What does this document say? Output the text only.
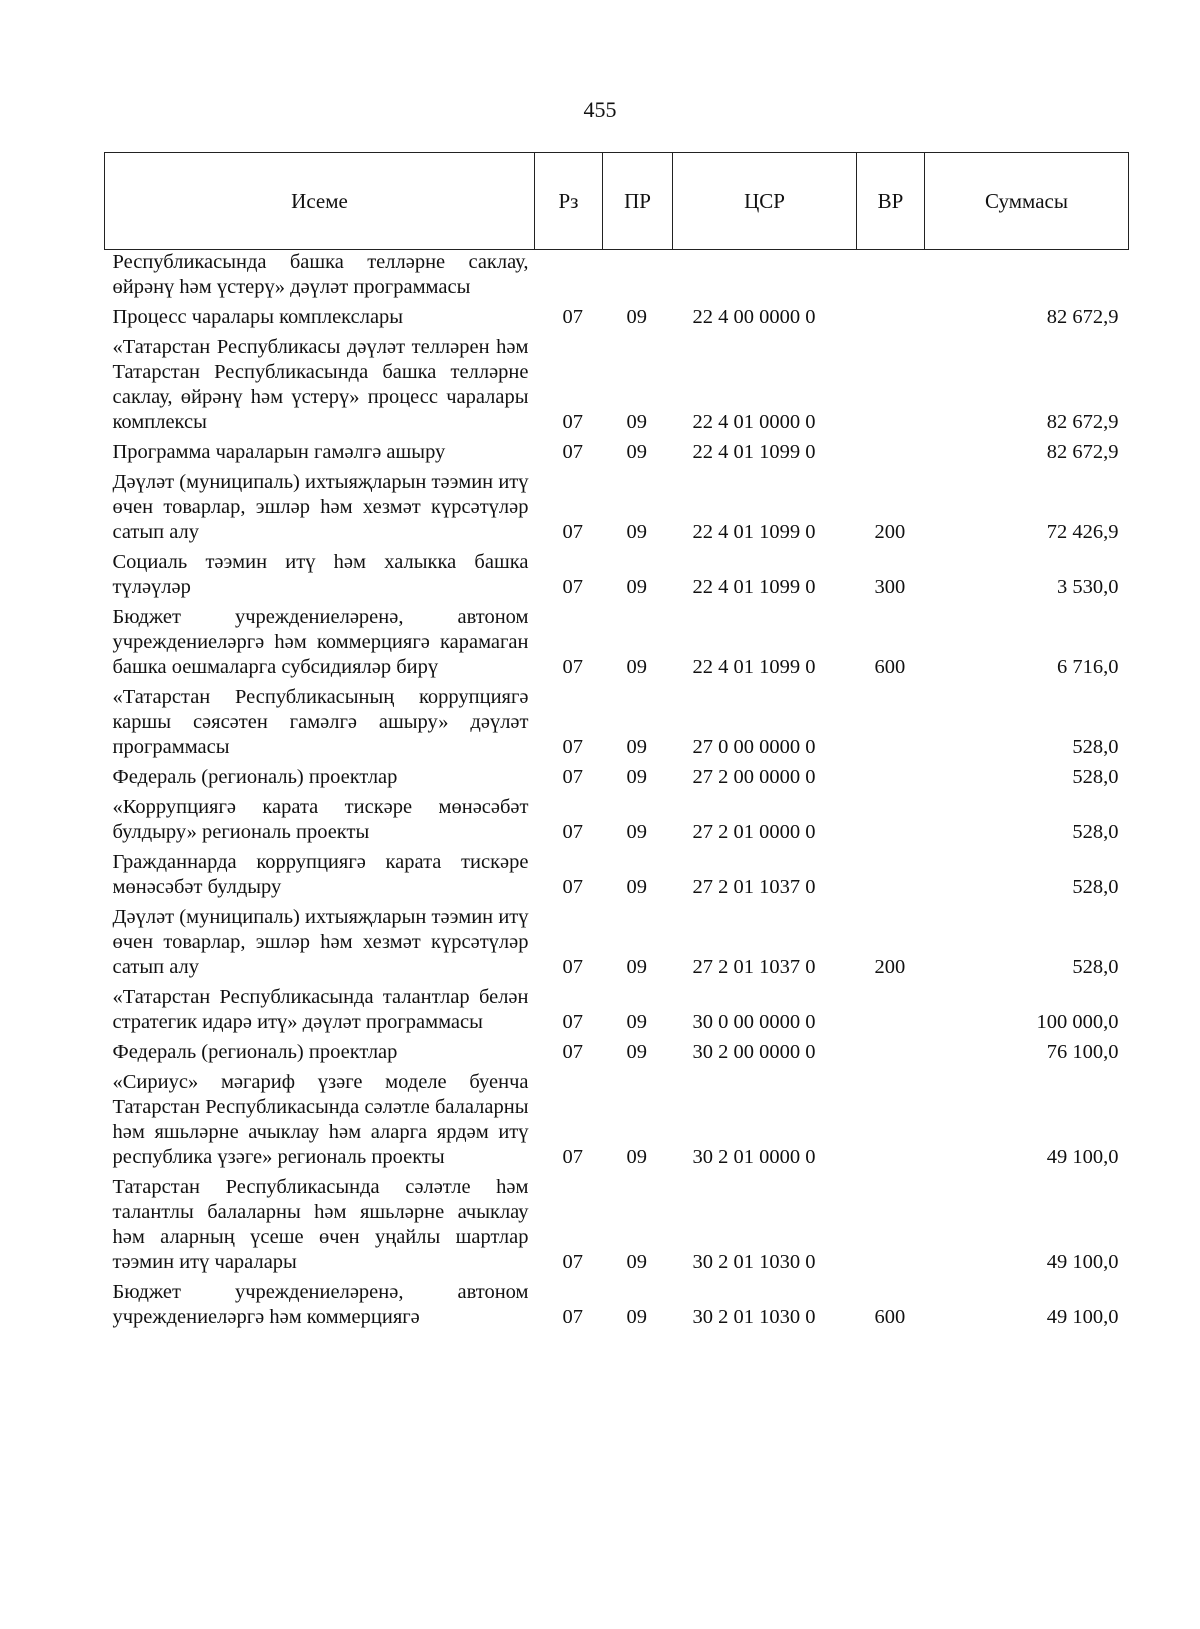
455
Исеме	Рз	ПР	ЦСР	ВР	Суммасы
Республикасында башка телләрне саклау, өйрәнү һәм үстерү» дәүләт программасы					
Процесс чаралары комплекслары	07	09	22 4 00 0000 0		82 672,9
«Татарстан Республикасы дәүләт телләрен һәм Татарстан Республикасында башка телләрне саклау, өйрәнү һәм үстерү» процесс чаралары комплексы	07	09	22 4 01 0000 0		82 672,9
Программа чараларын гамәлгә ашыру	07	09	22 4 01 1099 0		82 672,9
Дәүләт (муниципаль) ихтыяҗларын тәэмин итү өчен товарлар, эшләр һәм хезмәт күрсәтүләр сатып алу	07	09	22 4 01 1099 0	200	72 426,9
Социаль тәэмин итү һәм халыкка башка түләүләр	07	09	22 4 01 1099 0	300	3 530,0
Бюджет учреждениеләренә, автоном учреждениеләргә һәм коммерциягә карамаган башка оешмаларга субсидияләр бирү	07	09	22 4 01 1099 0	600	6 716,0
«Татарстан Республикасының коррупциягә каршы сәясәтен гамәлгә ашыру» дәүләт программасы	07	09	27 0 00 0000 0		528,0
Федераль (региональ) проектлар	07	09	27 2 00 0000 0		528,0
«Коррупциягә карата тискәре мөнәсәбәт булдыру» региональ проекты	07	09	27 2 01 0000 0		528,0
Гражданнарда коррупциягә карата тискәре мөнәсәбәт булдыру	07	09	27 2 01 1037 0		528,0
Дәүләт (муниципаль) ихтыяҗларын тәэмин итү өчен товарлар, эшләр һәм хезмәт күрсәтүләр сатып алу	07	09	27 2 01 1037 0	200	528,0
«Татарстан Республикасында талантлар белән стратегик идарә итү» дәүләт программасы	07	09	30 0 00 0000 0		100 000,0
Федераль (региональ) проектлар	07	09	30 2 00 0000 0		76 100,0
«Сириус» мәгариф үзәге моделе буенча Татарстан Республикасында сәләтле балаларны һәм яшьләрне ачыклау һәм аларга ярдәм итү республика үзәге» региональ проекты	07	09	30 2 01 0000 0		49 100,0
Татарстан Республикасында сәләтле һәм талантлы балаларны һәм яшьләрне ачыклау һәм аларның үсеше өчен уңайлы шартлар тәэмин итү чаралары	07	09	30 2 01 1030 0		49 100,0
Бюджет учреждениеләренә, автоном учреждениеләргә һәм коммерциягә	07	09	30 2 01 1030 0	600	49 100,0
